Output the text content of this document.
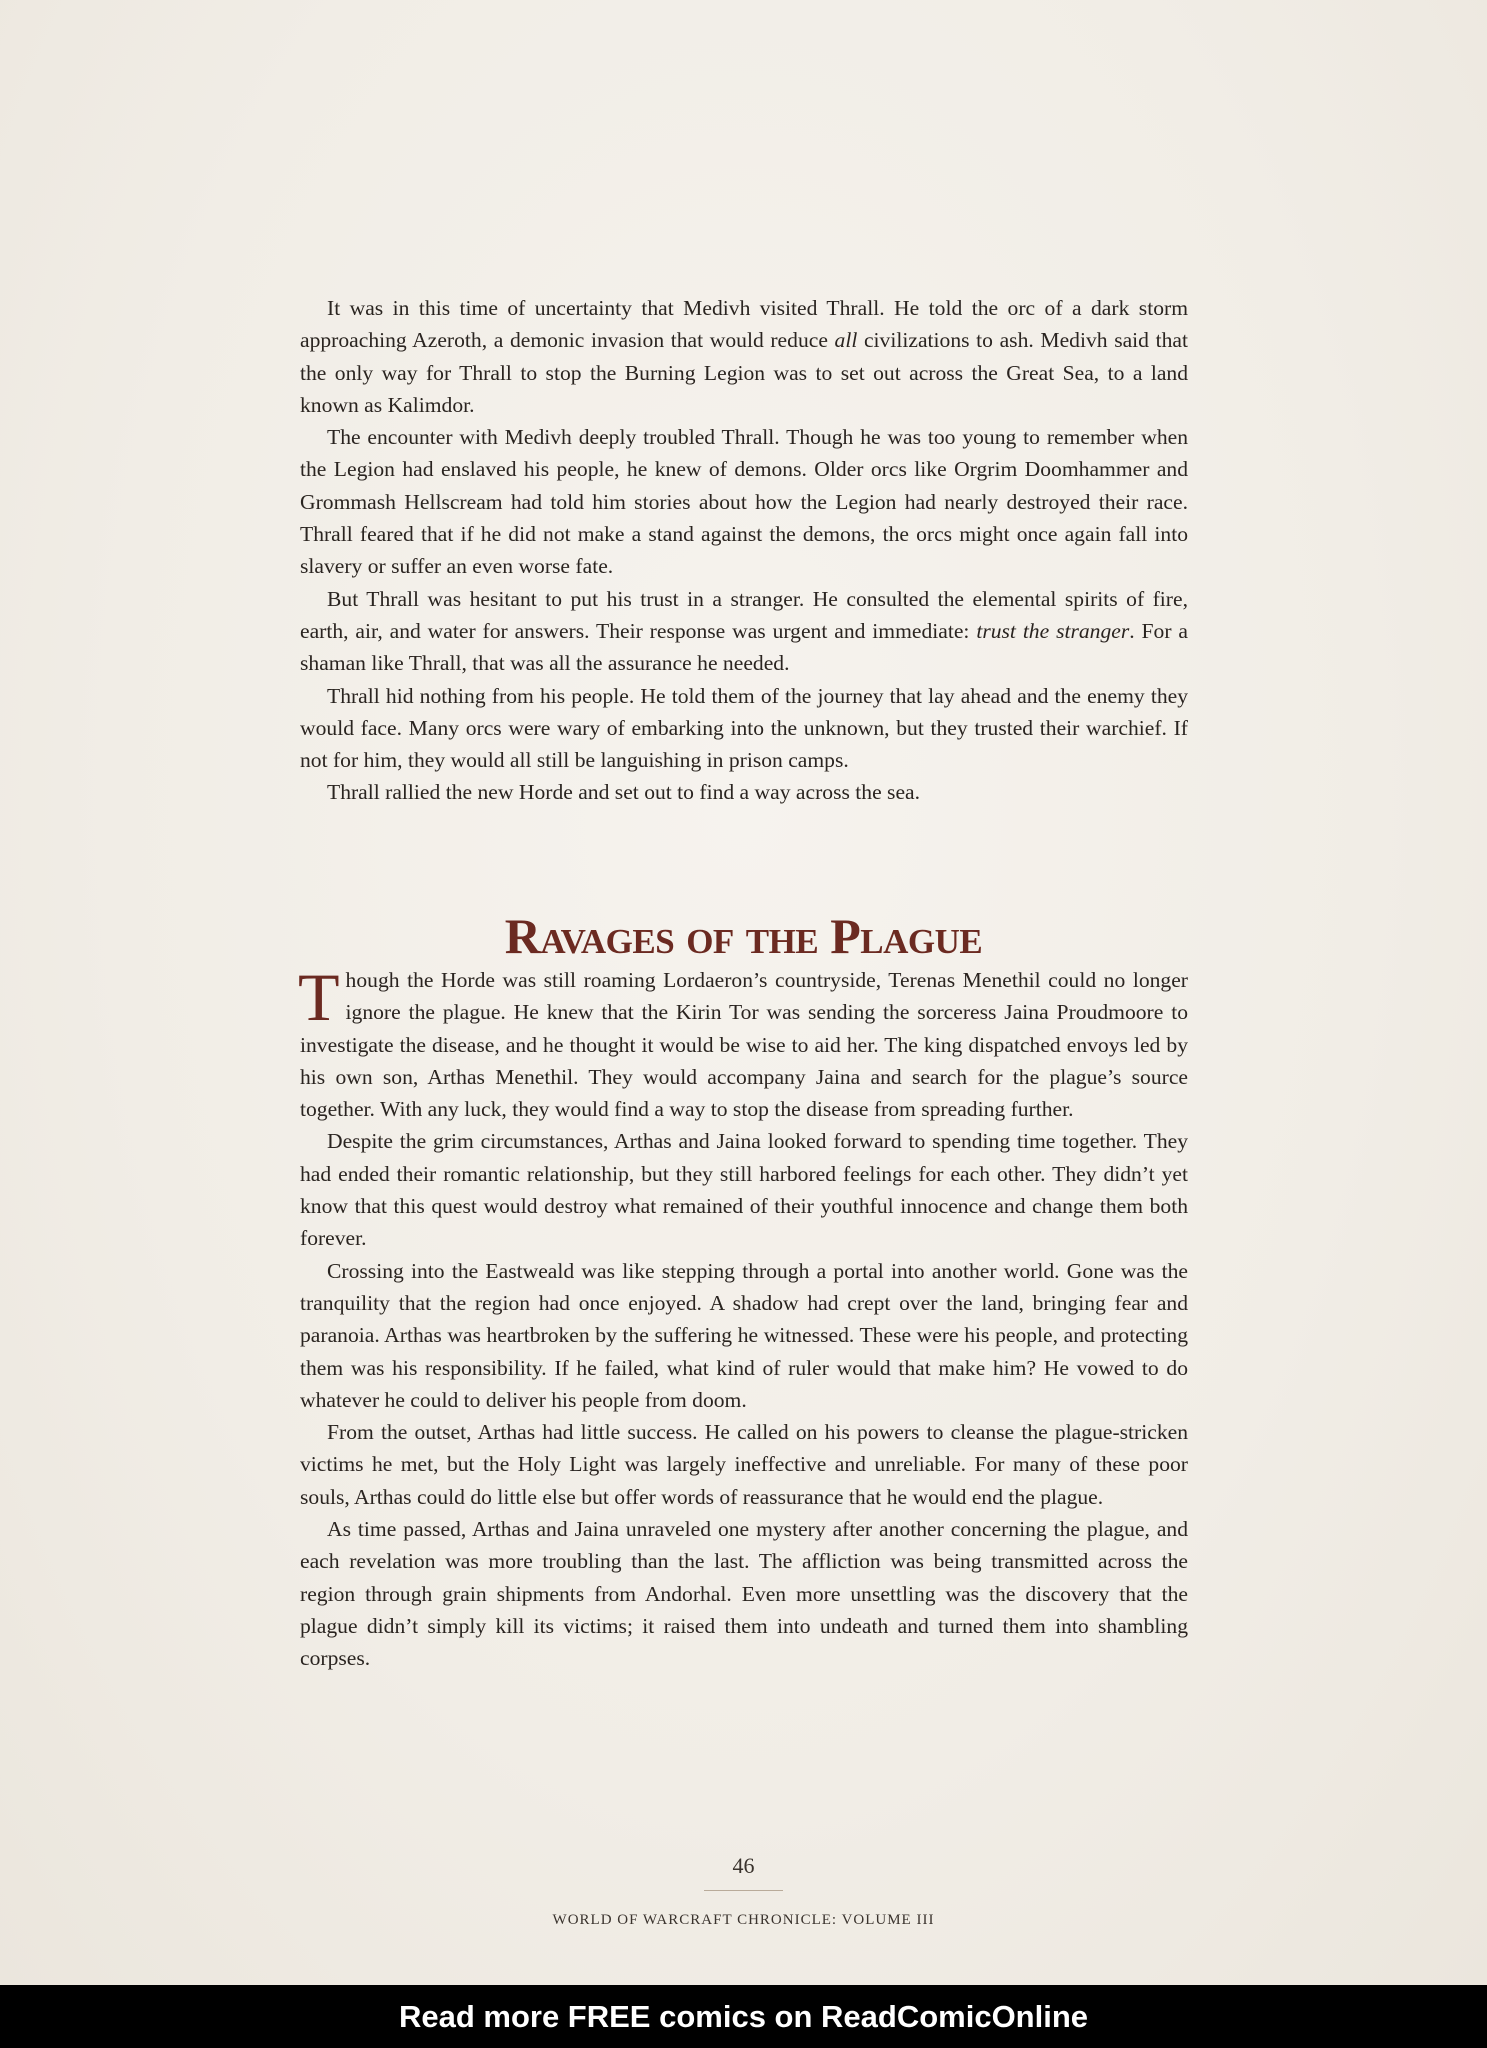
It was in this time of uncertainty that Medivh visited Thrall. He told the orc of a dark storm approaching Azeroth, a demonic invasion that would reduce all civilizations to ash. Medivh said that the only way for Thrall to stop the Burning Legion was to set out across the Great Sea, to a land known as Kalimdor.

The encounter with Medivh deeply troubled Thrall. Though he was too young to remember when the Legion had enslaved his people, he knew of demons. Older orcs like Orgrim Doomhammer and Grommash Hellscream had told him stories about how the Legion had nearly destroyed their race. Thrall feared that if he did not make a stand against the demons, the orcs might once again fall into slavery or suffer an even worse fate.

But Thrall was hesitant to put his trust in a stranger. He consulted the elemental spirits of fire, earth, air, and water for answers. Their response was urgent and immediate: trust the stranger. For a shaman like Thrall, that was all the assurance he needed.

Thrall hid nothing from his people. He told them of the journey that lay ahead and the enemy they would face. Many orcs were wary of embarking into the unknown, but they trusted their warchief. If not for him, they would all still be languishing in prison camps.

Thrall rallied the new Horde and set out to find a way across the sea.

Ravages of the Plague

Though the Horde was still roaming Lordaeron’s countryside, Terenas Menethil could no longer ignore the plague. He knew that the Kirin Tor was sending the sorceress Jaina Proudmoore to investigate the disease, and he thought it would be wise to aid her. The king dispatched envoys led by his own son, Arthas Menethil. They would accompany Jaina and search for the plague’s source together. With any luck, they would find a way to stop the disease from spreading further.

Despite the grim circumstances, Arthas and Jaina looked forward to spending time together. They had ended their romantic relationship, but they still harbored feelings for each other. They didn’t yet know that this quest would destroy what remained of their youthful innocence and change them both forever.

Crossing into the Eastweald was like stepping through a portal into another world. Gone was the tranquility that the region had once enjoyed. A shadow had crept over the land, bringing fear and paranoia. Arthas was heartbroken by the suffering he witnessed. These were his people, and protecting them was his responsibility. If he failed, what kind of ruler would that make him? He vowed to do whatever he could to deliver his people from doom.

From the outset, Arthas had little success. He called on his powers to cleanse the plague-stricken victims he met, but the Holy Light was largely ineffective and unreliable. For many of these poor souls, Arthas could do little else but offer words of reassurance that he would end the plague.

As time passed, Arthas and Jaina unraveled one mystery after another concerning the plague, and each revelation was more troubling than the last. The affliction was being transmitted across the region through grain shipments from Andorhal. Even more unsettling was the discovery that the plague didn’t simply kill its victims; it raised them into undeath and turned them into shambling corpses.

46
WORLD OF WARCRAFT CHRONICLE: VOLUME III
Read more FREE comics on ReadComicOnline
